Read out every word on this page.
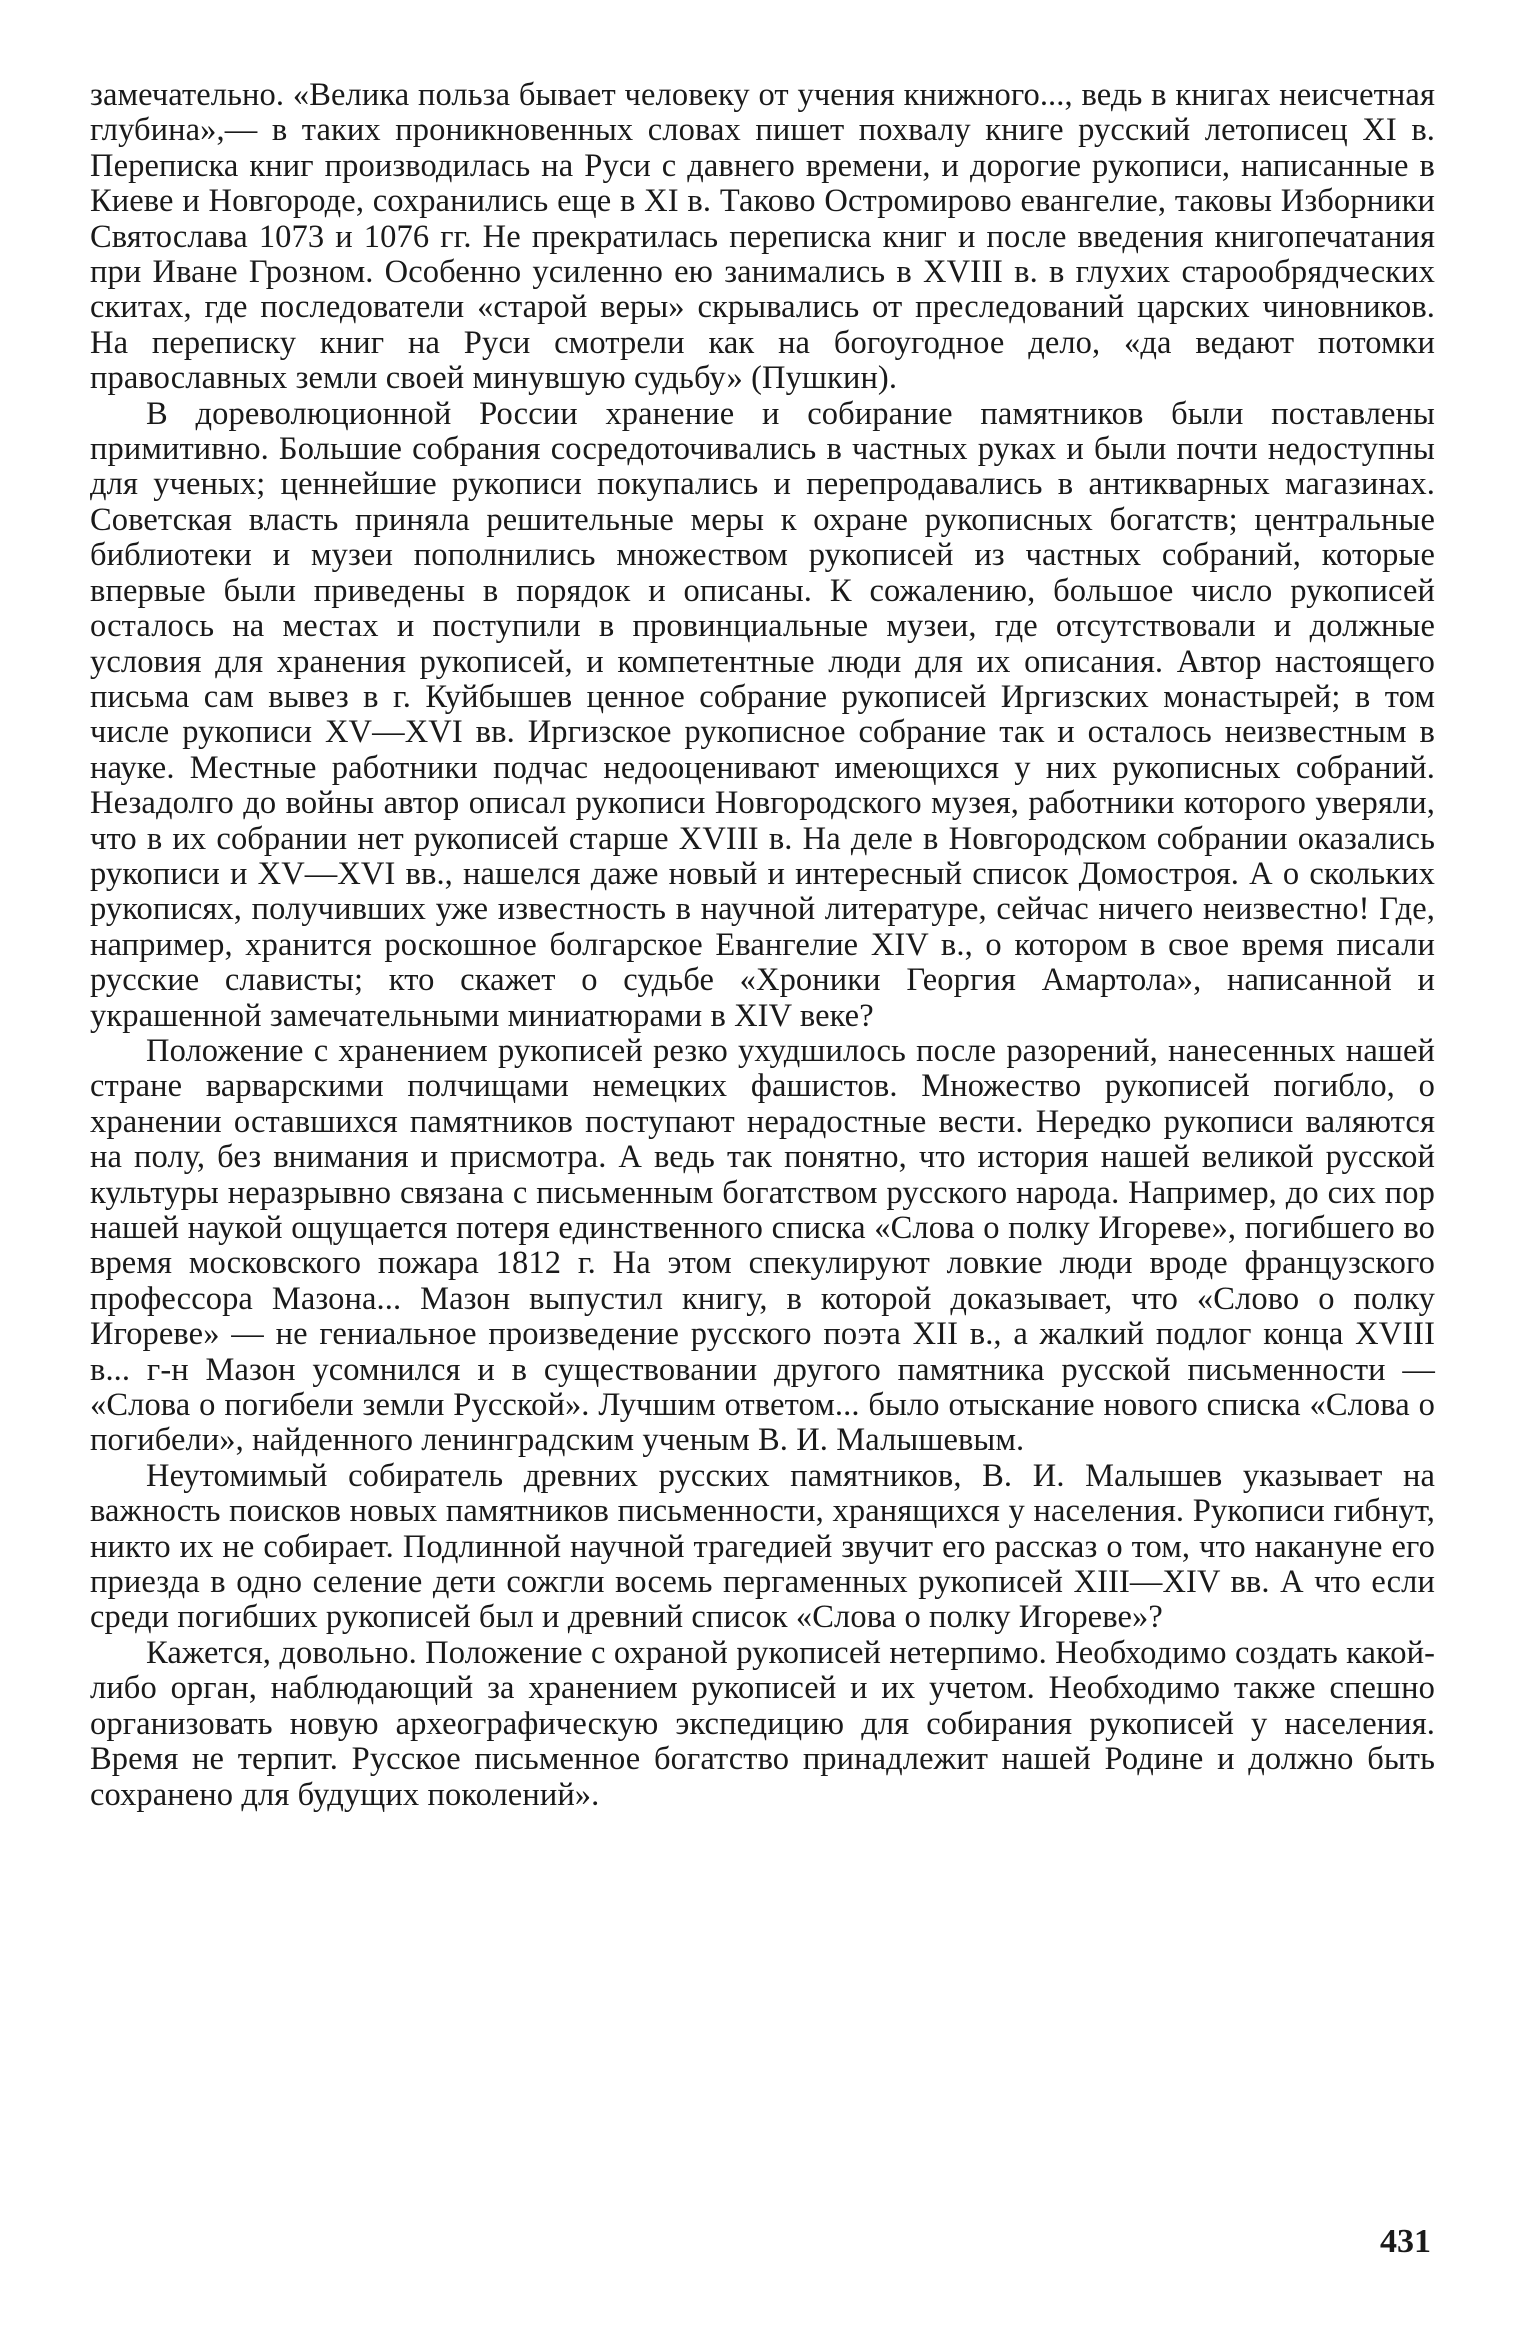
замечательно. «Велика польза бывает человеку от учения книжного..., ведь в книгах неисчетная глубина»,— в таких проникновенных словах пишет похвалу книге русский летописец XI в. Переписка книг производилась на Руси с давнего времени, и дорогие рукописи, написанные в Киеве и Новгороде, сохранились еще в XI в. Таково Остромирово евангелие, таковы Изборники Святослава 1073 и 1076 гг. Не прекратилась переписка книг и после введения книгопечатания при Иване Грозном. Особенно усиленно ею занимались в XVIII в. в глухих старообрядческих скитах, где последователи «старой веры» скрывались от преследований царских чиновников. На переписку книг на Руси смотрели как на богоугодное дело, «да ведают потомки православных земли своей минувшую судьбу» (Пушкин).

В дореволюционной России хранение и собирание памятников были поставлены примитивно. Большие собрания сосредоточивались в частных руках и были почти недоступны для ученых; ценнейшие рукописи покупались и перепродавались в антикварных магазинах. Советская власть приняла решительные меры к охране рукописных богатств; центральные библиотеки и музеи пополнились множеством рукописей из частных собраний, которые впервые были приведены в порядок и описаны. К сожалению, большое число рукописей осталось на местах и поступили в провинциальные музеи, где отсутствовали и должные условия для хранения рукописей, и компетентные люди для их описания. Автор настоящего письма сам вывез в г. Куйбышев ценное собрание рукописей Иргизских монастырей; в том числе рукописи XV—XVI вв. Иргизское рукописное собрание так и осталось неизвестным в науке. Местные работники подчас недооценивают имеющихся у них рукописных собраний. Незадолго до войны автор описал рукописи Новгородского музея, работники которого уверяли, что в их собрании нет рукописей старше XVIII в. На деле в Новгородском собрании оказались рукописи и XV—XVI вв., нашелся даже новый и интересный список Домостроя. А о скольких рукописях, получивших уже известность в научной литературе, сейчас ничего неизвестно! Где, например, хранится роскошное болгарское Евангелие XIV в., о котором в свое время писали русские слависты; кто скажет о судьбе «Хроники Георгия Амартола», написанной и украшенной замечательными миниатюрами в XIV веке?

Положение с хранением рукописей резко ухудшилось после разорений, нанесенных нашей стране варварскими полчищами немецких фашистов. Множество рукописей погибло, о хранении оставшихся памятников поступают нерадостные вести. Нередко рукописи валяются на полу, без внимания и присмотра. А ведь так понятно, что история нашей великой русской культуры неразрывно связана с письменным богатством русского народа. Например, до сих пор нашей наукой ощущается потеря единственного списка «Слова о полку Игореве», погибшего во время московского пожара 1812 г. На этом спекулируют ловкие люди вроде французского профессора Мазона... Мазон выпустил книгу, в которой доказывает, что «Слово о полку Игореве» — не гениальное произведение русского поэта XII в., а жалкий подлог конца XVIII в... г-н Мазон усомнился и в существовании другого памятника русской письменности — «Слова о погибели земли Русской». Лучшим ответом... было отыскание нового списка «Слова о погибели», найденного ленинградским ученым В. И. Малышевым.

Неутомимый собиратель древних русских памятников, В. И. Малышев указывает на важность поисков новых памятников письменности, хранящихся у населения. Рукописи гибнут, никто их не собирает. Подлинной научной трагедией звучит его рассказ о том, что накануне его приезда в одно селение дети сожгли восемь пергаменных рукописей XIII—XIV вв. А что если среди погибших рукописей был и древний список «Слова о полку Игореве»?

Кажется, довольно. Положение с охраной рукописей нетерпимо. Необходимо создать какой-либо орган, наблюдающий за хранением рукописей и их учетом. Необходимо также спешно организовать новую археографическую экспедицию для собирания рукописей у населения. Время не терпит. Русское письменное богатство принадлежит нашей Родине и должно быть сохранено для будущих поколений».

431
